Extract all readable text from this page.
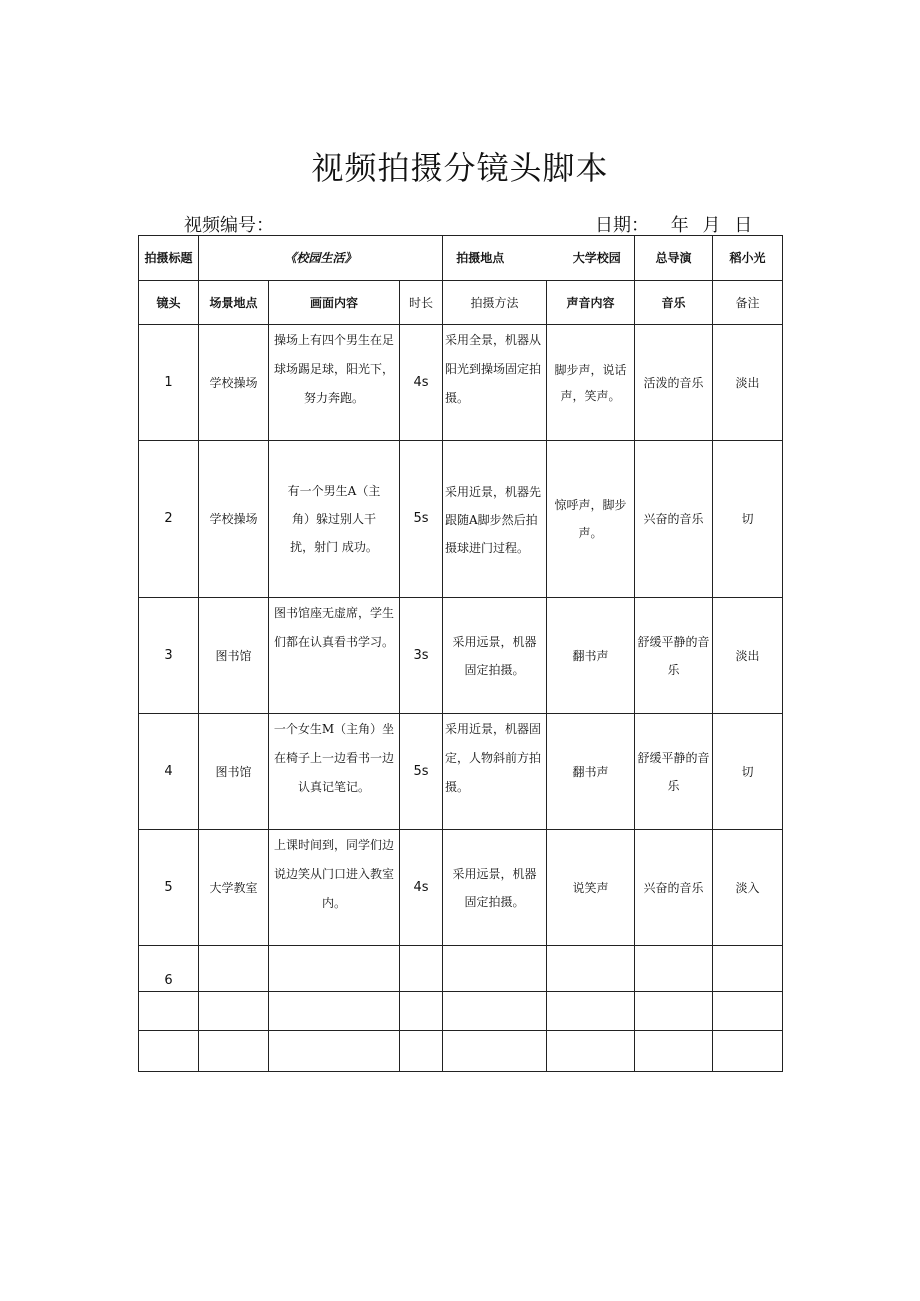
视频拍摄分镜头脚本
视频编号：	日期： 年 月 日
拍摄标题	《校园生活》			拍摄地点 大学校园		总导演	稻小光
镜头	场景地点	画面内容	时长	拍摄方法	声音内容	音乐	备注
1	学校操场	操场上有四个男生在足球场踢足球，阳光下，努力奔跑。	4s	采用全景，机器从阳光到操场固定拍摄。	脚步声，说话声，笑声。	活泼的音乐	淡出
2	学校操场	有一个男生A（主角）躲过别人干扰，射门 成功。	5s	采用近景，机器先跟随A脚步然后拍摄球进门过程。	惊呼声，脚步声。	兴奋的音乐	切
3	图书馆	图书馆座无虚席，学生们都在认真看书学习。	3s	采用远景，机器固定拍摄。	翻书声	舒缓平静的音乐	淡出
4	图书馆	一个女生M（主角）坐在椅子上一边看书一边认真记笔记。	5s	采用近景，机器固定，人物斜前方拍摄。	翻书声	舒缓平静的音乐	切
5	大学教室	上课时间到，同学们边说边笑从门口进入教室内。	4s	采用远景，机器固定拍摄。	说笑声	兴奋的音乐	淡入
6							
